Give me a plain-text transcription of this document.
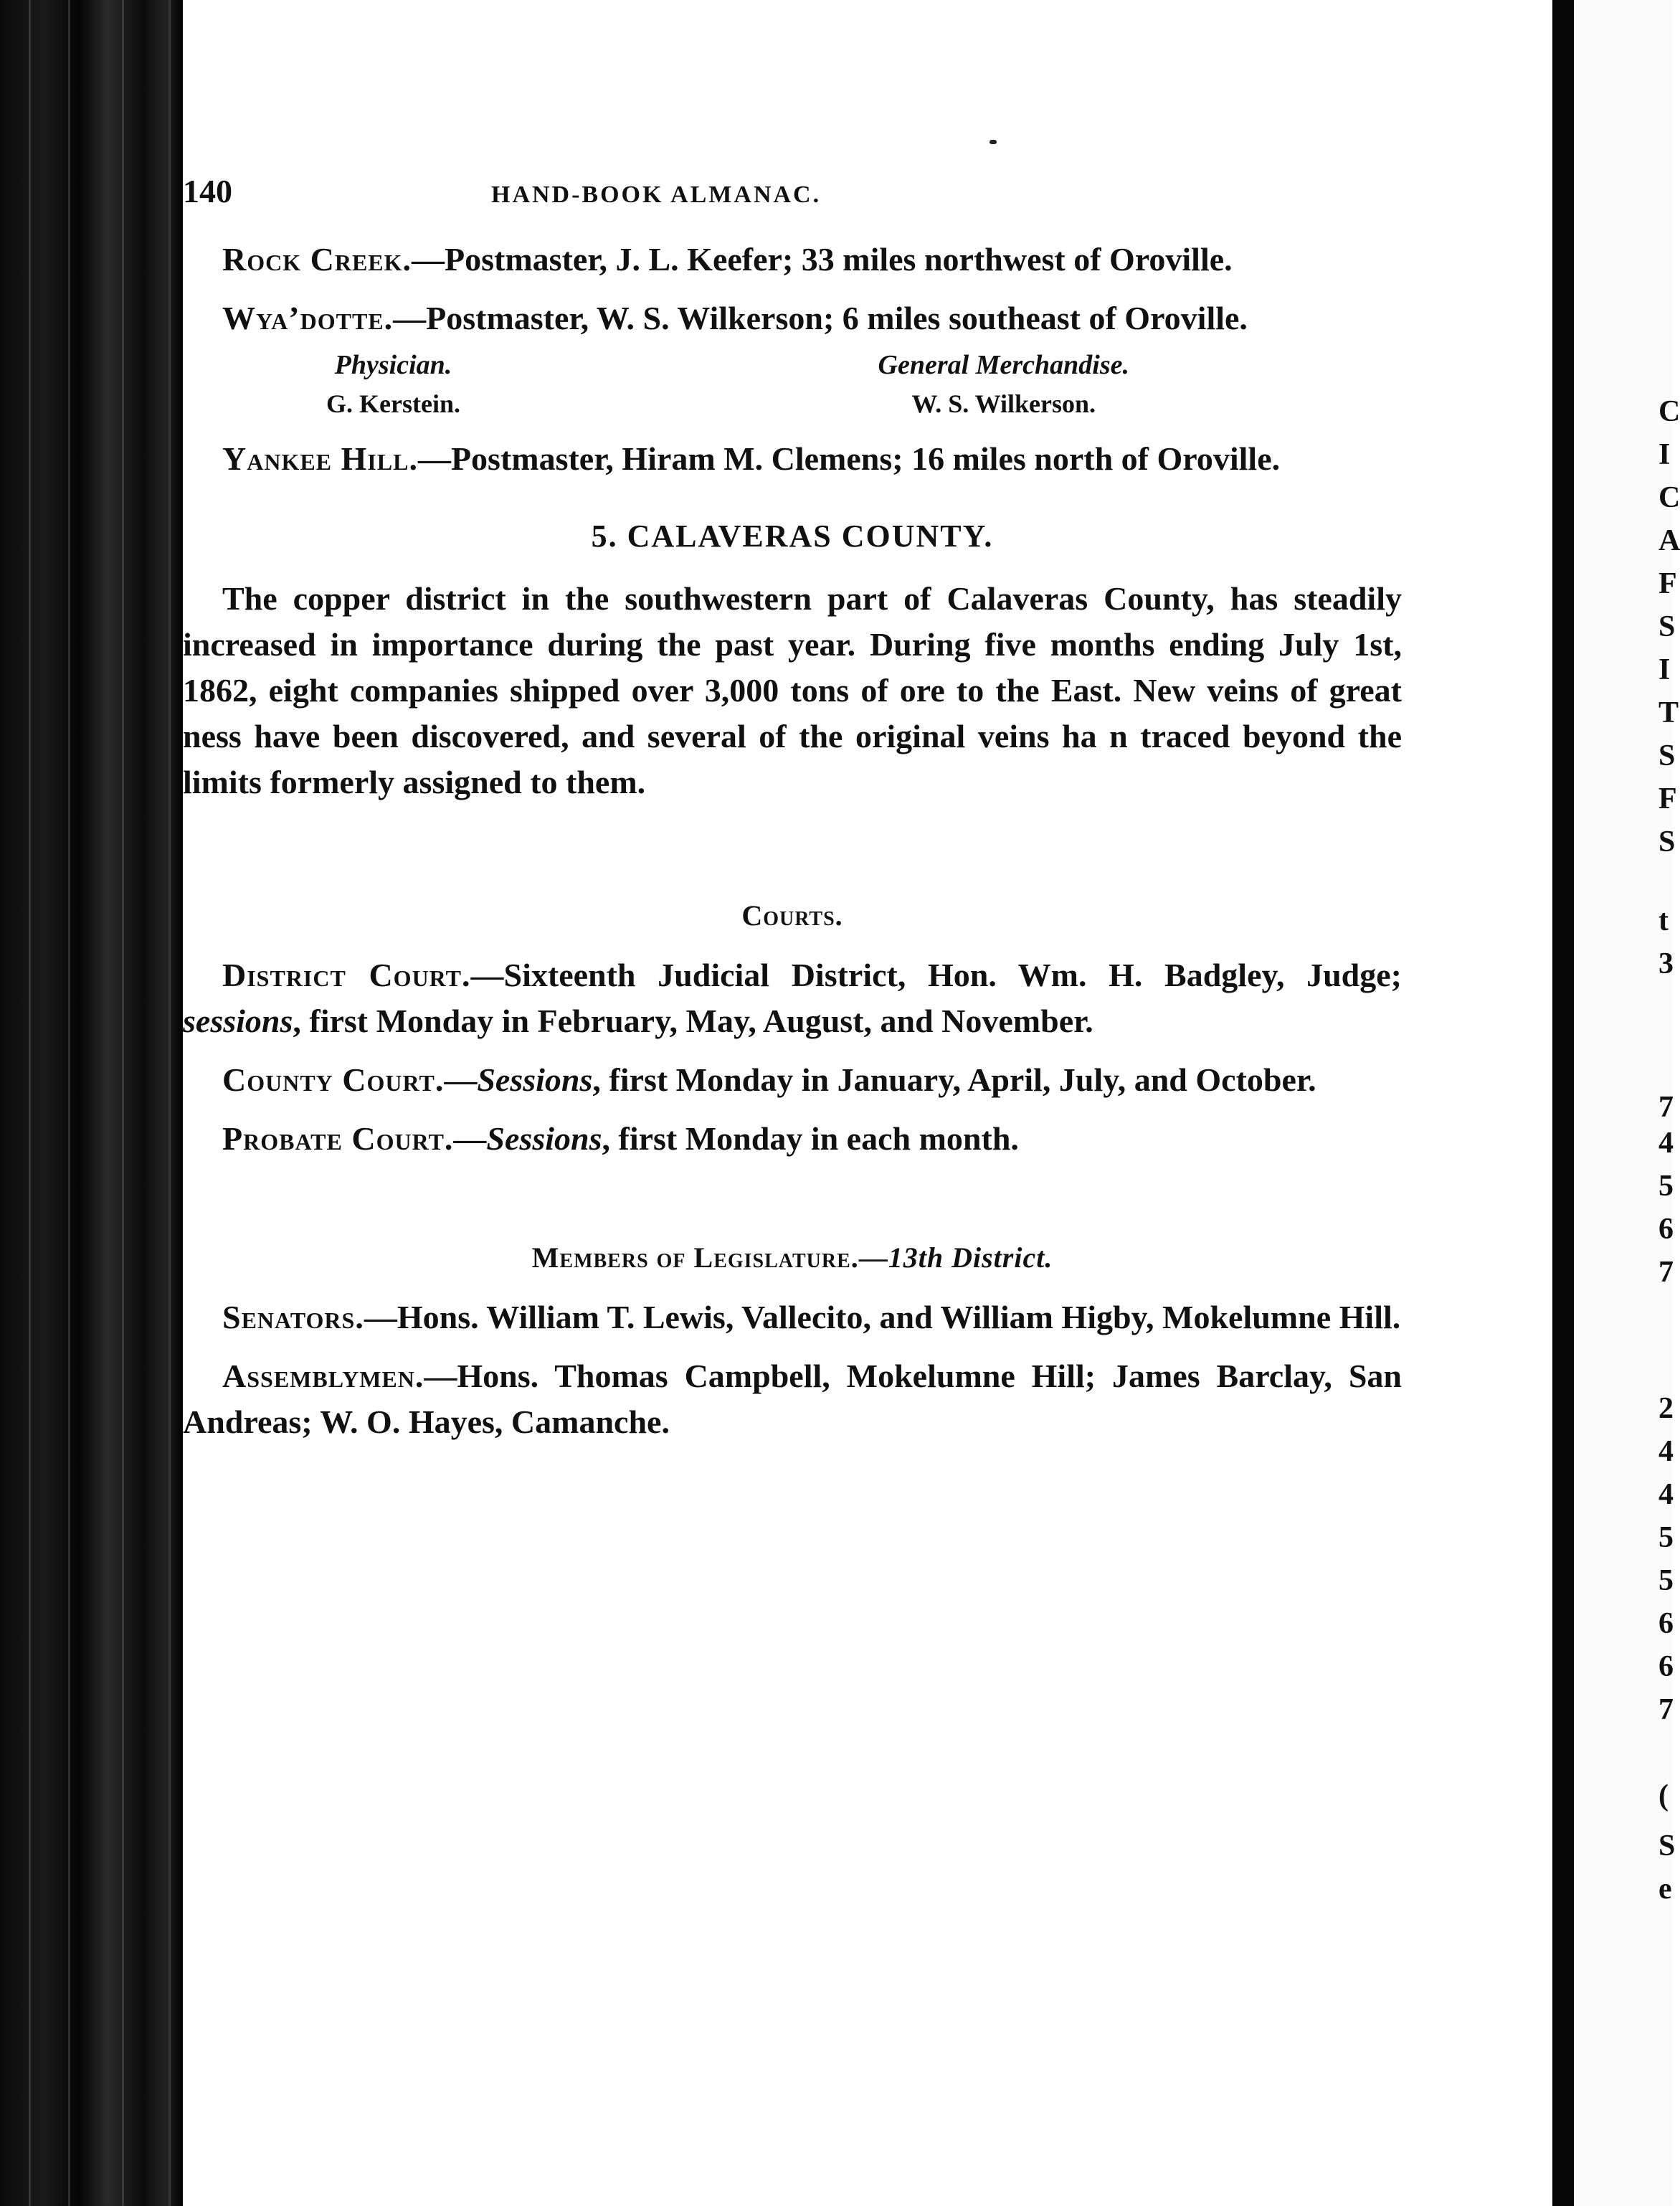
C
I
C
A
F
S
I
T
S
F
S
t
3
7
4
5
6
7
2
4
4
5
5
6
6
7
(
S
e
140	HAND-BOOK ALMANAC.

Rock Creek.—Postmaster, J. L. Keefer; 33 miles northwest of Oroville.

Wyaʼdotte.—Postmaster, W. S. Wilkerson; 6 miles southeast of Oroville.

Physician.
G. Kerstein.
General Merchandise.
W. S. Wilkerson.

Yankee Hill.—Postmaster, Hiram M. Clemens; 16 miles north of Oroville.

5. CALAVERAS COUNTY.

The copper district in the southwestern part of Calaveras County, has steadily increased in importance during the past year. During five months ending July 1st, 1862, eight companies shipped over 3,000 tons of ore to the East. New veins of great ness have been discovered, and several of the original veins ha n traced beyond the limits formerly assigned to them.

Courts.

District Court.—Sixteenth Judicial District, Hon. Wm. H. Badgley, Judge; sessions, first Monday in February, May, August, and November.

County Court.—Sessions, first Monday in January, April, July, and October.

Probate Court.—Sessions, first Monday in each month.

Members of Legislature.—13th District.

Senators.—Hons. William T. Lewis, Vallecito, and William Higby, Mokelumne Hill.

Assemblymen.—Hons. Thomas Campbell, Mokelumne Hill; James Barclay, San Andreas; W. O. Hayes, Camanche.
